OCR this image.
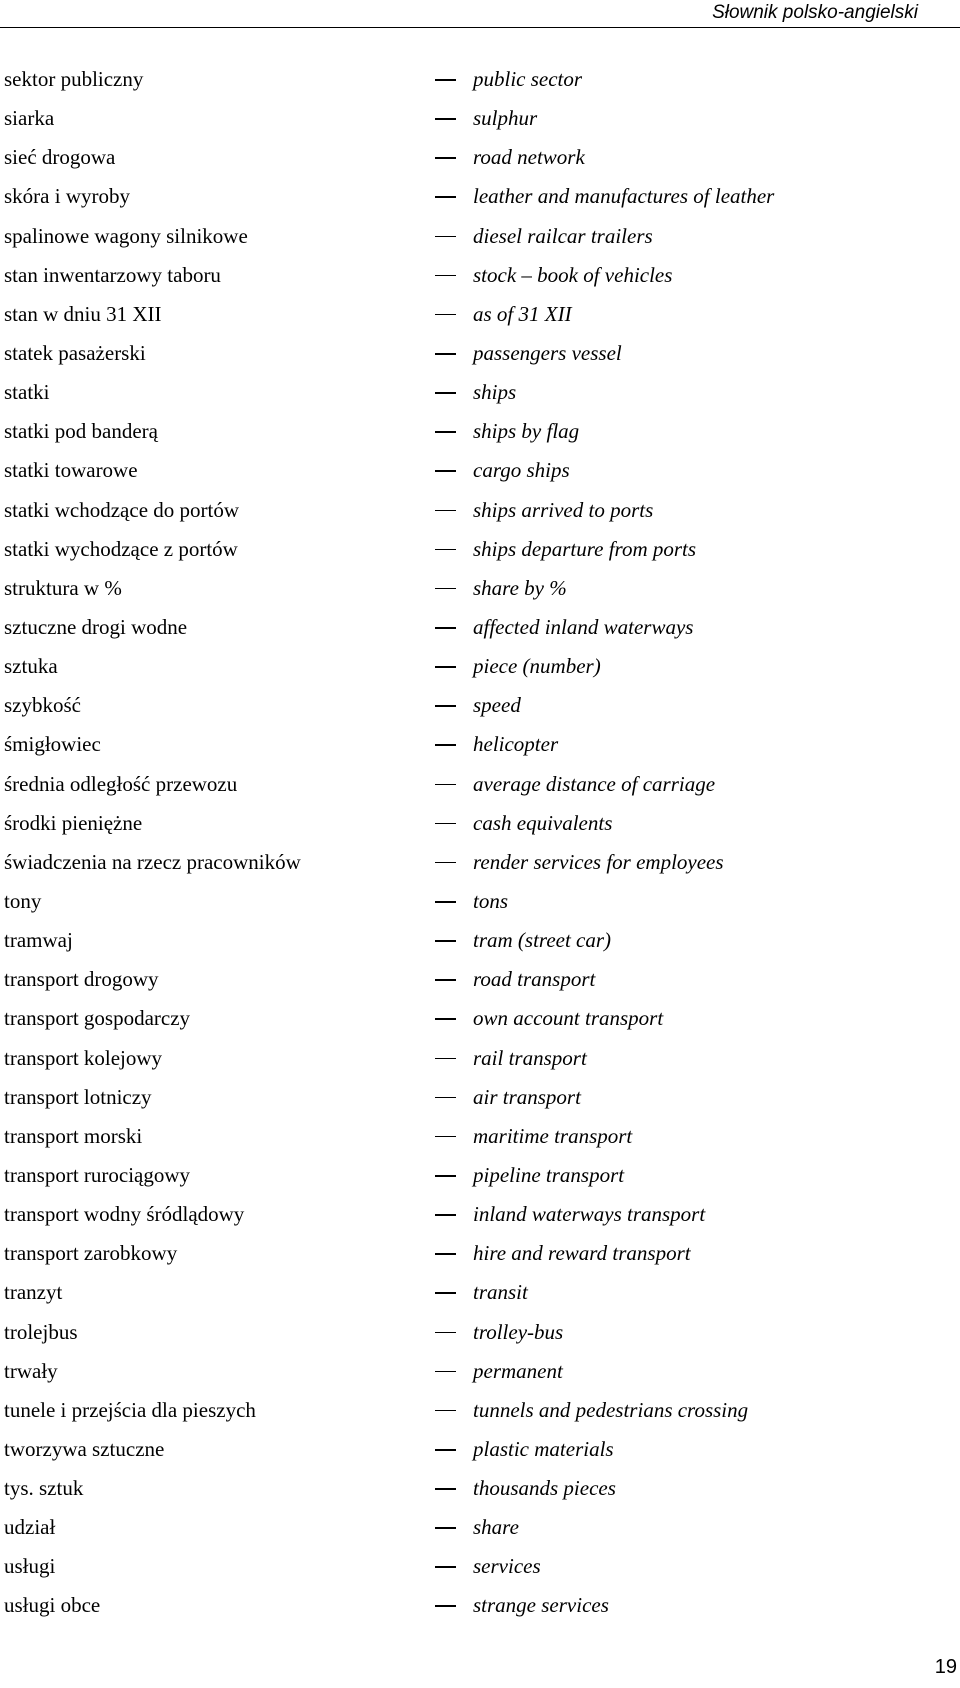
Słownik polsko-angielski
sektor publiczny	public sector
siarka	sulphur
sieć drogowa	road network
skóra i wyroby	leather and manufactures of leather
spalinowe wagony silnikowe	diesel railcar trailers
stan inwentarzowy taboru	stock – book of vehicles
stan w dniu 31 XII	as of 31 XII
statek pasażerski	passengers vessel
statki	ships
statki pod banderą	ships by flag
statki towarowe	cargo ships
statki wchodzące do portów	ships arrived to ports
statki wychodzące z portów	ships departure from ports
struktura w %	share by %
sztuczne drogi wodne	affected inland waterways
sztuka	piece (number)
szybkość	speed
śmigłowiec	helicopter
średnia odległość przewozu	average distance of carriage
środki pieniężne	cash equivalents
świadczenia na rzecz pracowników	render services for employees
tony	tons
tramwaj	tram (street car)
transport drogowy	road transport
transport gospodarczy	own account transport
transport kolejowy	rail transport
transport lotniczy	air transport
transport morski	maritime transport
transport rurociągowy	pipeline transport
transport wodny śródlądowy	inland waterways transport
transport zarobkowy	hire and reward transport
tranzyt	transit
trolejbus	trolley-bus
trwały	permanent
tunele i przejścia dla pieszych	tunnels and pedestrians crossing
tworzywa sztuczne	plastic materials
tys. sztuk	thousands pieces
udział	share
usługi	services
usługi obce	strange services
19
